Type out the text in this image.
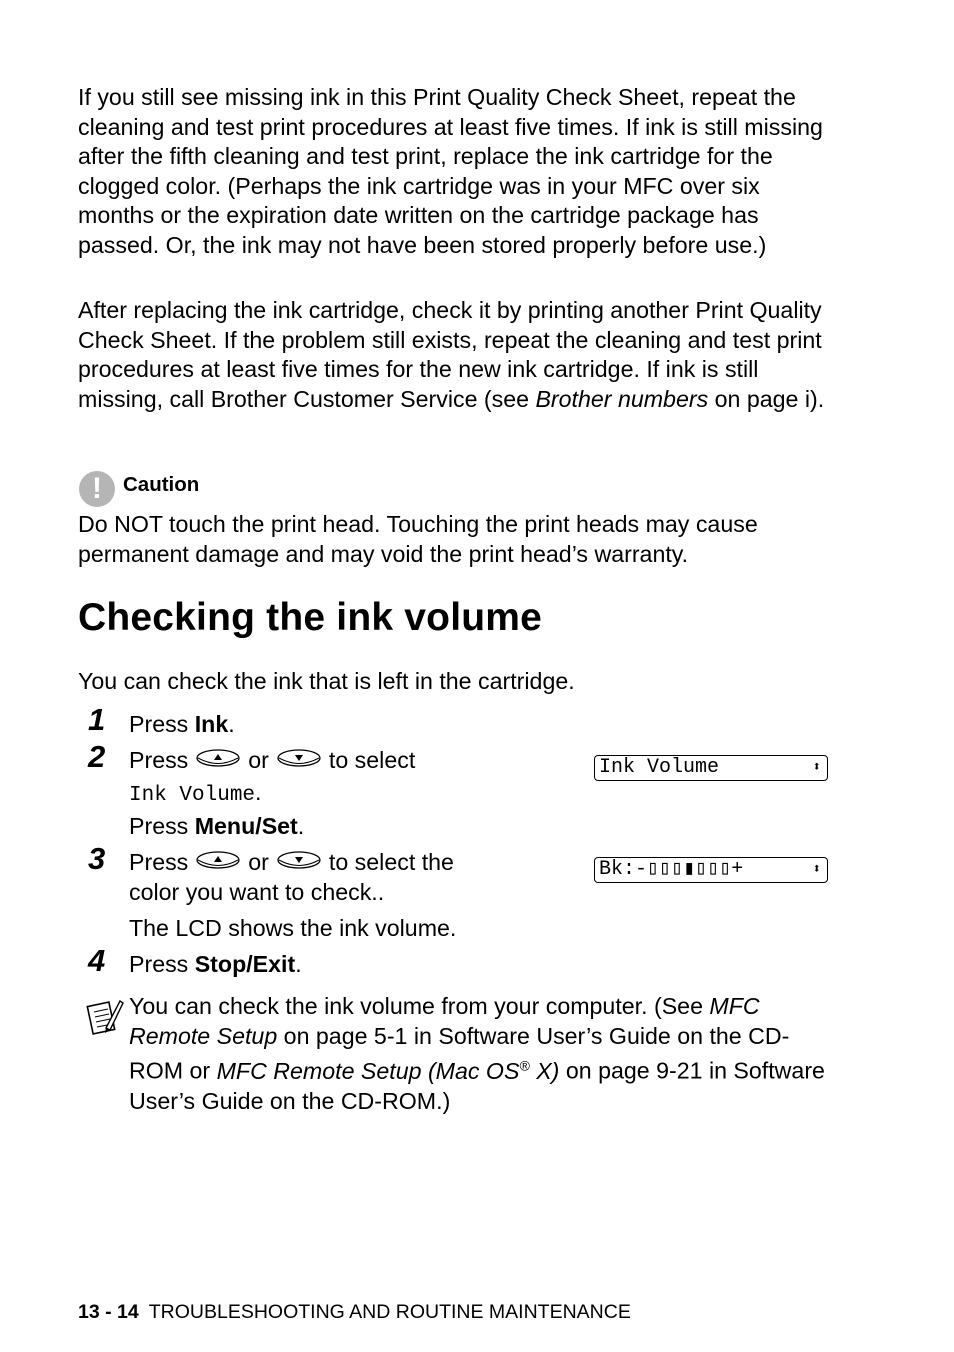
If you still see missing ink in this Print Quality Check Sheet, repeat the cleaning and test print procedures at least five times. If ink is still missing after the fifth cleaning and test print, replace the ink cartridge for the clogged color. (Perhaps the ink cartridge was in your MFC over six months or the expiration date written on the cartridge package has passed. Or, the ink may not have been stored properly before use.)

After replacing the ink cartridge, check it by printing another Print Quality Check Sheet. If the problem still exists, repeat the cleaning and test print procedures at least five times for the new ink cartridge. If ink is still missing, call Brother Customer Service (see Brother numbers on page i).

!	Caution

Do NOT touch the print head. Touching the print heads may cause permanent damage and may void the print head’s warranty.

Checking the ink volume

You can check the ink that is left in the cartridge.

1 Press Ink.
2 Press	or	to select
Ink Volume.
Press Menu/Set.
Ink Volume	⬍
3 Press	or	to select the
color you want to check..
The LCD shows the ink volume.
Bk:-▯▯▯▮▯▯▯+	⬍
4 Press Stop/Exit.

You can check the ink volume from your computer. (See MFC Remote Setup on page 5-1 in Software User’s Guide on the CD-ROM or MFC Remote Setup (Mac OS® X) on page 9-21 in Software User’s Guide on the CD-ROM.)

13 - 14 TROUBLESHOOTING AND ROUTINE MAINTENANCE
